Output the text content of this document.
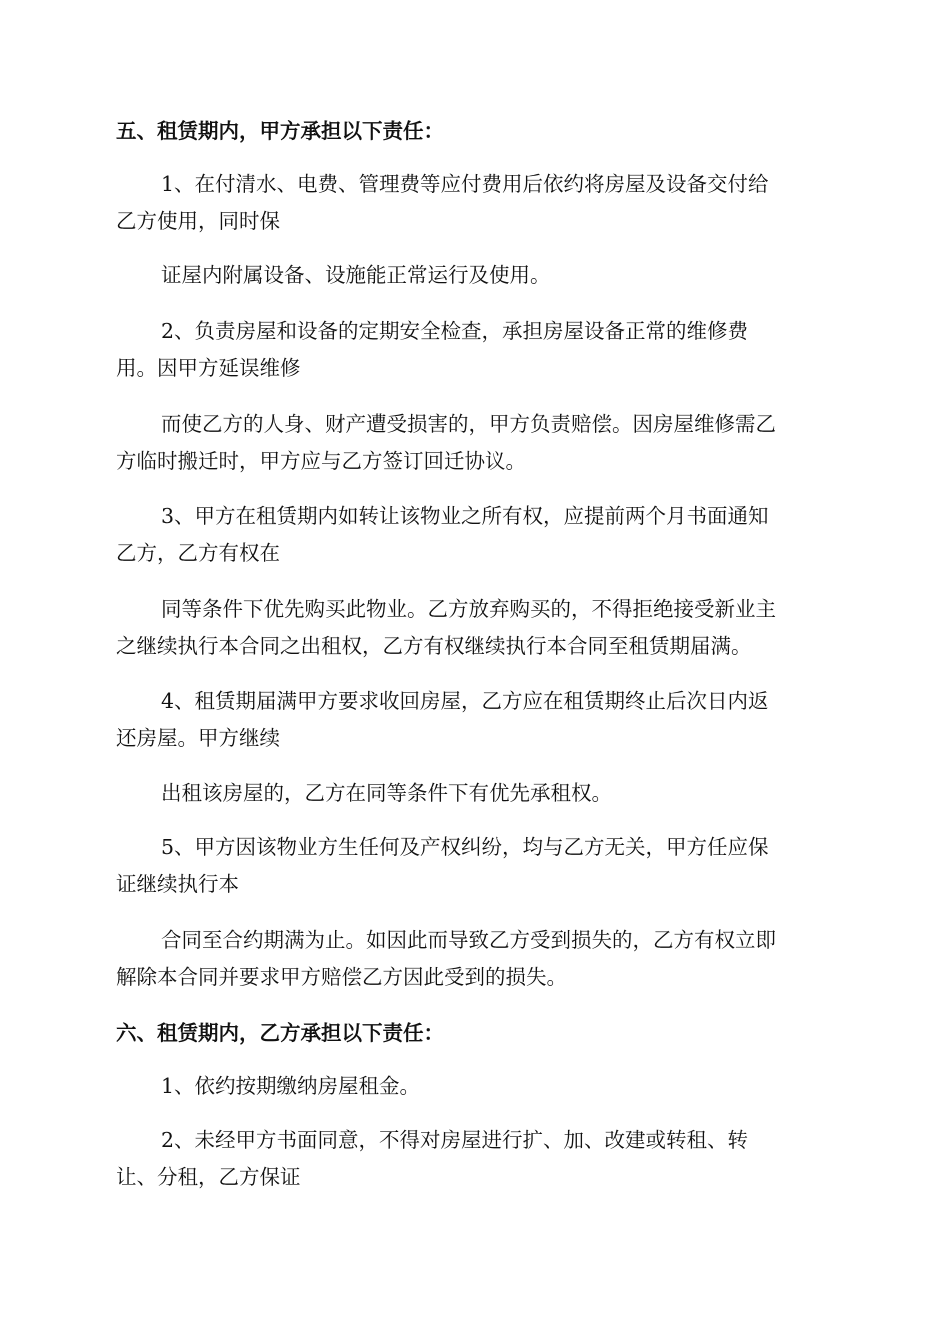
五、租赁期内，甲方承担以下责任：
1、在付清水、电费、管理费等应付费用后依约将房屋及设备交付给
乙方使用，同时保
证屋内附属设备、设施能正常运行及使用。
2、负责房屋和设备的定期安全检查，承担房屋设备正常的维修费
用。因甲方延误维修
而使乙方的人身、财产遭受损害的，甲方负责赔偿。因房屋维修需乙
方临时搬迁时，甲方应与乙方签订回迁协议。
3、甲方在租赁期内如转让该物业之所有权，应提前两个月书面通知
乙方，乙方有权在
同等条件下优先购买此物业。乙方放弃购买的，不得拒绝接受新业主
之继续执行本合同之出租权，乙方有权继续执行本合同至租赁期届满。
4、租赁期届满甲方要求收回房屋，乙方应在租赁期终止后次日内返
还房屋。甲方继续
出租该房屋的，乙方在同等条件下有优先承租权。
5、甲方因该物业方生任何及产权纠纷，均与乙方无关，甲方任应保
证继续执行本
合同至合约期满为止。如因此而导致乙方受到损失的，乙方有权立即
解除本合同并要求甲方赔偿乙方因此受到的损失。
六、租赁期内，乙方承担以下责任：
1、依约按期缴纳房屋租金。
2、未经甲方书面同意，不得对房屋进行扩、加、改建或转租、转
让、分租，乙方保证
